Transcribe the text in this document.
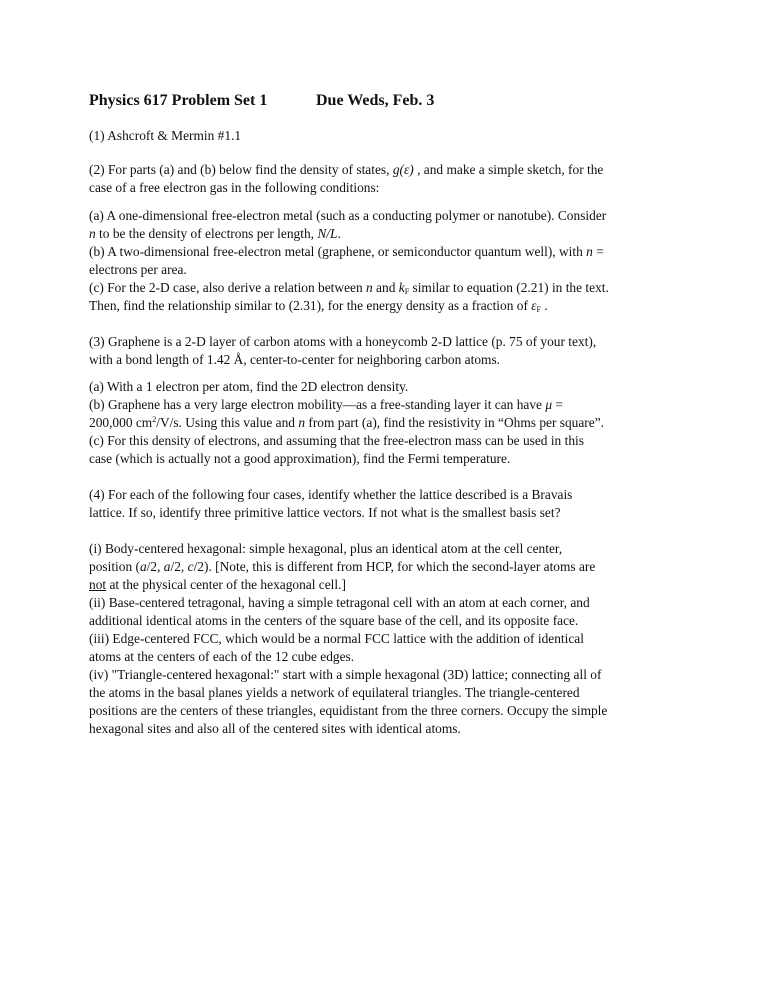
Physics 617 Problem Set 1	Due Weds, Feb. 3

(1) Ashcroft & Mermin #1.1

(2) For parts (a) and (b) below find the density of states, g(ε) , and make a simple sketch, for the

case of a free electron gas in the following conditions:

(a) A one-dimensional free-electron metal (such as a conducting polymer or nanotube). Consider

n to be the density of electrons per length, N/L.

(b) A two-dimensional free-electron metal (graphene, or semiconductor quantum well), with n =

electrons per area.

(c) For the 2-D case, also derive a relation between n and $k_F$ similar to equation (2.21) in the text.

Then, find the relationship similar to (2.31), for the energy density as a fraction of $\varepsilon_F$ .

(3) Graphene is a 2-D layer of carbon atoms with a honeycomb 2-D lattice (p. 75 of your text),

with a bond length of 1.42 Å, center-to-center for neighboring carbon atoms.

(a) With a 1 electron per atom, find the 2D electron density.

(b) Graphene has a very large electron mobility—as a free-standing layer it can have μ =

200,000 $cm^2/V/s$. Using this value and n from part (a), find the resistivity in “Ohms per square”.

(c) For this density of electrons, and assuming that the free-electron mass can be used in this

case (which is actually not a good approximation), find the Fermi temperature.

(4) For each of the following four cases, identify whether the lattice described is a Bravais

lattice. If so, identify three primitive lattice vectors. If not what is the smallest basis set?

(i) Body-centered hexagonal: simple hexagonal, plus an identical atom at the cell center,

position (a/2, a/2, c/2). [Note, this is different from HCP, for which the second-layer atoms are

not at the physical center of the hexagonal cell.]

(ii) Base-centered tetragonal, having a simple tetragonal cell with an atom at each corner, and

additional identical atoms in the centers of the square base of the cell, and its opposite face.

(iii) Edge-centered FCC, which would be a normal FCC lattice with the addition of identical

atoms at the centers of each of the 12 cube edges.

(iv) "Triangle-centered hexagonal:" start with a simple hexagonal (3D) lattice; connecting all of

the atoms in the basal planes yields a network of equilateral triangles. The triangle-centered

positions are the centers of these triangles, equidistant from the three corners. Occupy the simple

hexagonal sites and also all of the centered sites with identical atoms.
